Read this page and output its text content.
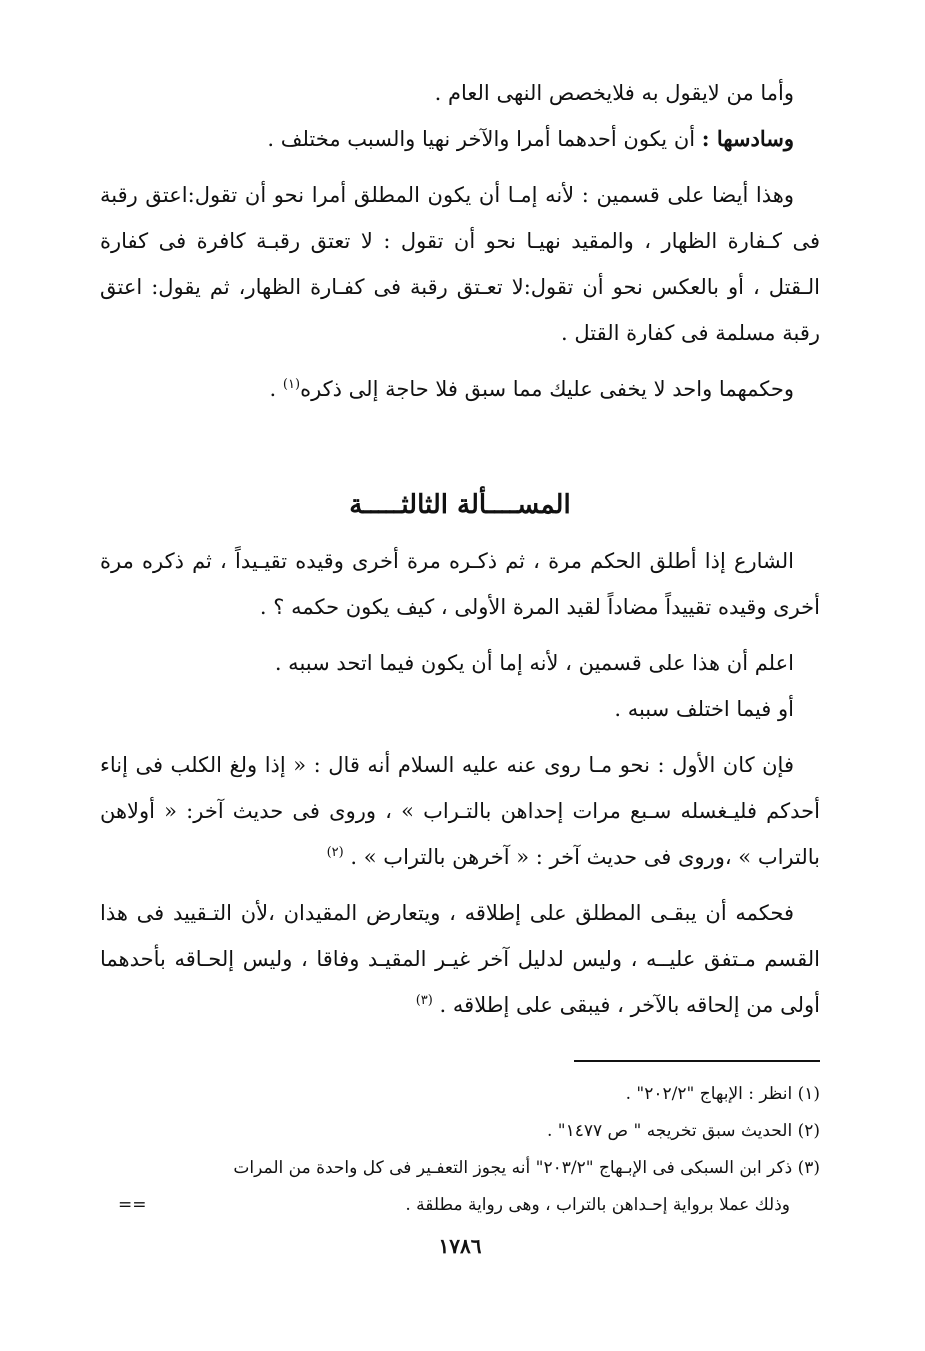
وأما من لايقول به فلايخصص النهى العام .

وسادسها : أن يكون أحدهما أمرا والآخر نهيا والسبب مختلف .

وهذا أيضا على قسمين : لأنه إمـا أن يكون المطلق أمرا نحو أن تقول:اعتق رقبة فى كـفارة الظهار ، والمقيد نهيـا نحو أن تقول : لا تعتق رقبـة كافرة فى كفارة الـقتل ، أو بالعكس نحو أن تقول:لا تعـتق رقبة فى كفـارة الظهار، ثم يقول: اعتق رقبة مسلمة فى كفارة القتل .

وحكمهما واحد لا يخفى عليك مما سبق فلا حاجة إلى ذكره$^{(١)}$ .

المســــألة الثالثـــــة

الشارع إذا أطلق الحكم مرة ، ثم ذكـره مرة أخرى وقيده تقيـيداً ، ثم ذكره مرة أخرى وقيده تقييداً مضاداً لقيد المرة الأولى ، كيف يكون حكمه ؟ .

اعلم أن هذا على قسمين ، لأنه إما أن يكون فيما اتحد سببه .

أو فيما اختلف سببه .

فإن كان الأول : نحو مـا روى عنه عليه السلام أنه قال : « إذا ولغ الكلب فى إناء أحدكم فليـغسله سـبع مرات إحداهن بالتـراب » ، وروى فى حديث آخر: « أولاهن بالتراب » ،وروى فى حديث آخر : « آخرهن بالتراب » . $^{(٢)}$

فحكمه أن يبقـى المطلق على إطلاقه ، ويتعارض المقيدان ،لأن التـقييد فى هذا القسم مـتفق عليــه ، وليس لدليل آخر غيـر المقيـد وفاقا ، وليس إلحـاقه بأحدهما أولى من إلحاقه بالآخر ، فيبقى على إطلاقه . $^{(٣)}$

(١) انظر : الإبهاج "٢٠٢/٢" .

(٢) الحديث سبق تخريجه " ص ١٤٧٧" .

(٣) ذكر ابن السبكى فى الإبـهاج "٢٠٣/٢" أنه يجوز التعفـير فى كل واحدة من المرات

وذلك عملا برواية إحـداهن بالتراب ، وهى رواية مطلقة .
==

١٧٨٦
